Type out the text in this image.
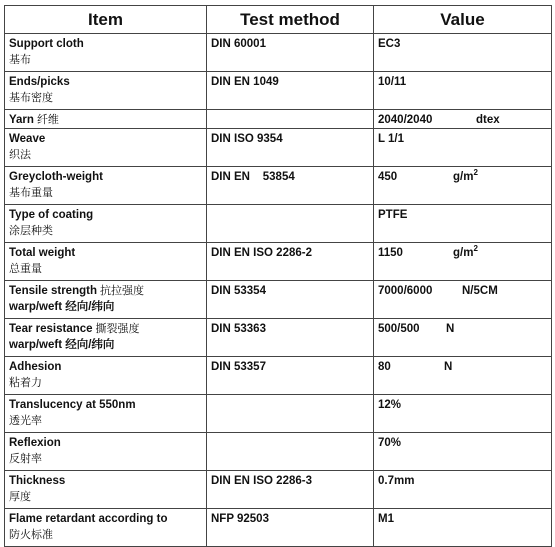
Item	Test method	Value

Support cloth
基布	DIN 60001	EC3

Ends/picks
基布密度	DIN EN 1049	10/11
Yarn 纤维		2040/2040 dtex

Weave
织法	DIN ISO 9354	L 1/1

Greycloth-weight
基布重量	DIN EN    53854	450 $g/m^2$

Type of coating
涂层种类		PTFE

Total weight
总重量	DIN EN ISO 2286-2	1150 $g/m^2$

Tensile strength 抗拉强度
warp/weft 经向/纬向	DIN 53354	7000/6000 N/5CM

Tear resistance 撕裂强度
warp/weft 经向/纬向	DIN 53363	500/500 N

Adhesion
粘着力	DIN 53357	80 N

Translucency at 550nm
透光率		12%

Reflexion
反射率		70%

Thickness
厚度	DIN EN ISO 2286-3	0.7mm

Flame retardant according to
防火标准	NFP 92503	M1
